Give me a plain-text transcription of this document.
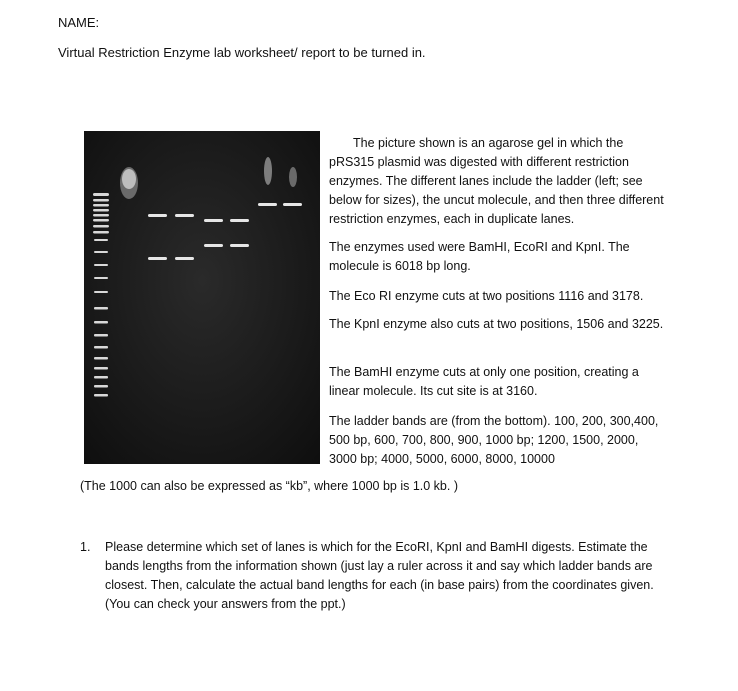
NAME:
Virtual Restriction Enzyme lab worksheet/ report to be turned in.
The picture shown is an agarose gel in which the pRS315 plasmid was digested with different restriction enzymes. The different lanes include the ladder (left; see below for sizes), the uncut molecule, and then three different restriction enzymes, each in duplicate lanes.
The enzymes used were BamHI, EcoRI and KpnI. The molecule is 6018 bp long.
The Eco RI enzyme cuts at two positions 1116 and 3178.
The KpnI enzyme also cuts at two positions, 1506 and 3225.
The BamHI enzyme cuts at only one position, creating a linear molecule. Its cut site is at 3160.
The ladder bands are (from the bottom). 100, 200, 300,400, 500 bp, 600, 700, 800, 900, 1000 bp; 1200, 1500, 2000, 3000 bp; 4000, 5000, 6000, 8000, 10000
(The 1000 can also be expressed as “kb”, where 1000 bp is 1.0 kb. )
1.	Please determine which set of lanes is which for the EcoRI, KpnI and BamHI digests. Estimate the bands lengths from the information shown (just lay a ruler across it and say which ladder bands are closest. Then, calculate the actual band lengths for each (in base pairs) from the coordinates given. (You can check your answers from the ppt.)
